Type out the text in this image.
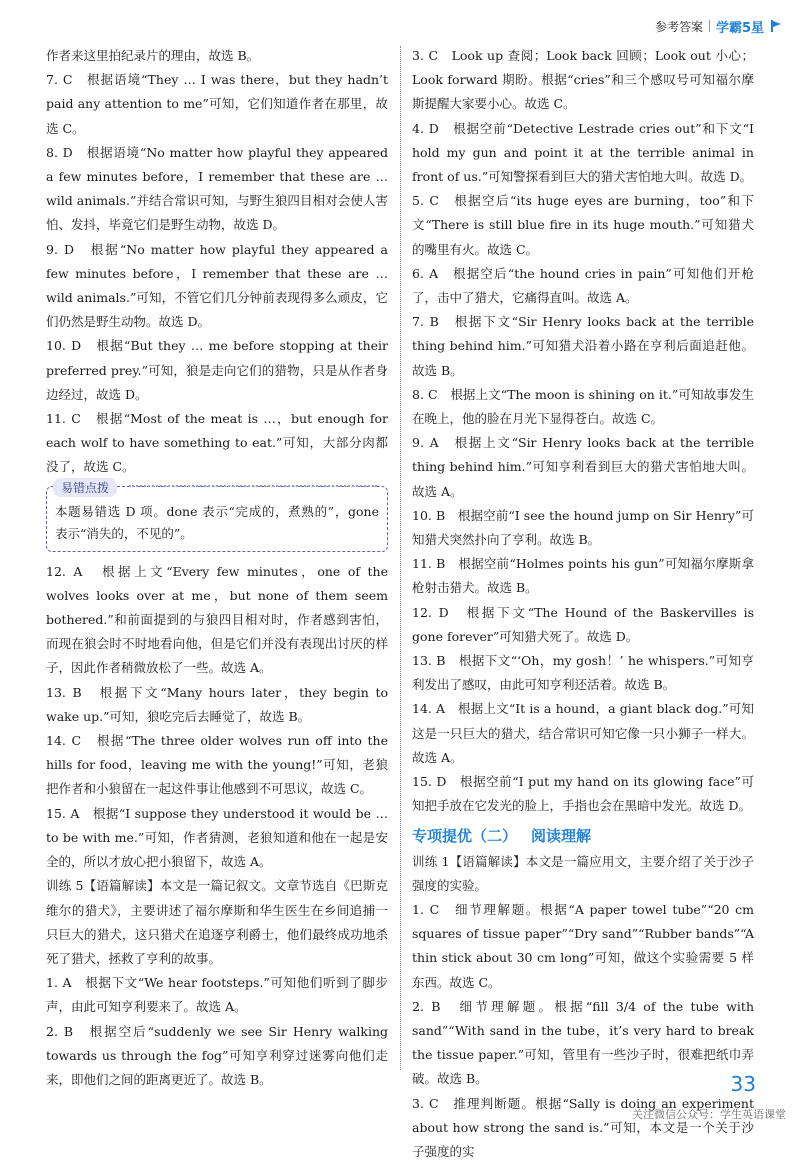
参考答案 学霸5星

作者来这里拍纪录片的理由，故选 B。

7. C　根据语境“They … I was there，but they hadn’t paid any attention to me”可知，它们知道作者在那里，故选 C。

8. D　根据语境“No matter how playful they appeared a few minutes before，I remember that these are … wild animals.”并结合常识可知，与野生狼四目相对会使人害怕、发抖，毕竟它们是野生动物，故选 D。

9. D　根据“No matter how playful they appeared a few minutes before，I remember that these are … wild animals.”可知，不管它们几分钟前表现得多么顽皮，它们仍然是野生动物。故选 D。

10. D　根据“But they … me before stopping at their preferred prey.”可知，狼是走向它们的猎物，只是从作者身边经过，故选 D。

11. C　根据“Most of the meat is …，but enough for each wolf to have something to eat.”可知，大部分肉都没了，故选 C。

易错点拨

本题易错选 D 项。done 表示“完成的，煮熟的”，gone 表示“消失的，不见的”。

12. A　根据上文“Every few minutes，one of the wolves looks over at me，but none of them seem bothered.”和前面提到的与狼四目相对时，作者感到害怕，而现在狼会时不时地看向他，但是它们并没有表现出讨厌的样子，因此作者稍微放松了一些。故选 A。

13. B　根据下文“Many hours later，they begin to wake up.”可知，狼吃完后去睡觉了，故选 B。

14. C　根据“The three older wolves run off into the hills for food，leaving me with the young!”可知，老狼把作者和小狼留在一起这件事让他感到不可思议，故选 C。

15. A　根据“I suppose they understood it would be … to be with me.”可知，作者猜测，老狼知道和他在一起是安全的，所以才放心把小狼留下，故选 A。

训练 5【语篇解读】本文是一篇记叙文。文章节选自《巴斯克维尔的猎犬》，主要讲述了福尔摩斯和华生医生在乡间追捕一只巨大的猎犬，这只猎犬在追逐亨利爵士，他们最终成功地杀死了猎犬，拯救了亨利的故事。

1. A　根据下文“We hear footsteps.”可知他们听到了脚步声，由此可知亨利要来了。故选 A。

2. B　根据空后“suddenly we see Sir Henry walking towards us through the fog”可知亨利穿过迷雾向他们走来，即他们之间的距离更近了。故选 B。

3. C　Look up 查阅；Look back 回顾；Look out 小心；Look forward 期盼。根据“cries”和三个感叹号可知福尔摩斯提醒大家要小心。故选 C。

4. D　根据空前“Detective Lestrade cries out”和下文“I hold my gun and point it at the terrible animal in front of us.”可知警探看到巨大的猎犬害怕地大叫。故选 D。

5. C　根据空后“its huge eyes are burning，too”和下文“There is still blue fire in its huge mouth.”可知猎犬的嘴里有火。故选 C。

6. A　根据空后“the hound cries in pain”可知他们开枪了，击中了猎犬，它痛得直叫。故选 A。

7. B　根据下文“Sir Henry looks back at the terrible thing behind him.”可知猎犬沿着小路在亨利后面追赶他。故选 B。

8. C　根据上文“The moon is shining on it.”可知故事发生在晚上，他的脸在月光下显得苍白。故选 C。

9. A　根据上文“Sir Henry looks back at the terrible thing behind him.”可知亨利看到巨大的猎犬害怕地大叫。故选 A。

10. B　根据空前“I see the hound jump on Sir Henry”可知猎犬突然扑向了亨利。故选 B。

11. B　根据空前“Holmes points his gun”可知福尔摩斯拿枪射击猎犬。故选 B。

12. D　根据下文“The Hound of the Baskervilles is gone forever”可知猎犬死了。故选 D。

13. B　根据下文“‘Oh，my gosh！’ he whispers.”可知亨利发出了感叹，由此可知亨利还活着。故选 B。

14. A　根据上文“It is a hound，a giant black dog.”可知这是一只巨大的猎犬，结合常识可知它像一只小狮子一样大。故选 A。

15. D　根据空前“I put my hand on its glowing face”可知把手放在它发光的脸上，手指也会在黑暗中发光。故选 D。

专项提优（二） 阅读理解

训练 1【语篇解读】本文是一篇应用文，主要介绍了关于沙子强度的实验。

1. C　细节理解题。根据“A paper towel tube”“20 cm squares of tissue paper”“Dry sand”“Rubber bands”“A thin stick about 30 cm long”可知，做这个实验需要 5 样东西。故选 C。

2. B　细节理解题。根据“fill 3/4 of the tube with sand”“With sand in the tube，it’s very hard to break the tissue paper.”可知，管里有一些沙子时，很难把纸巾弄破。故选 B。

3. C　推理判断题。根据“Sally is doing an experiment about how strong the sand is.”可知，本文是一个关于沙子强度的实

33
关注微信公众号：学生英语课堂
